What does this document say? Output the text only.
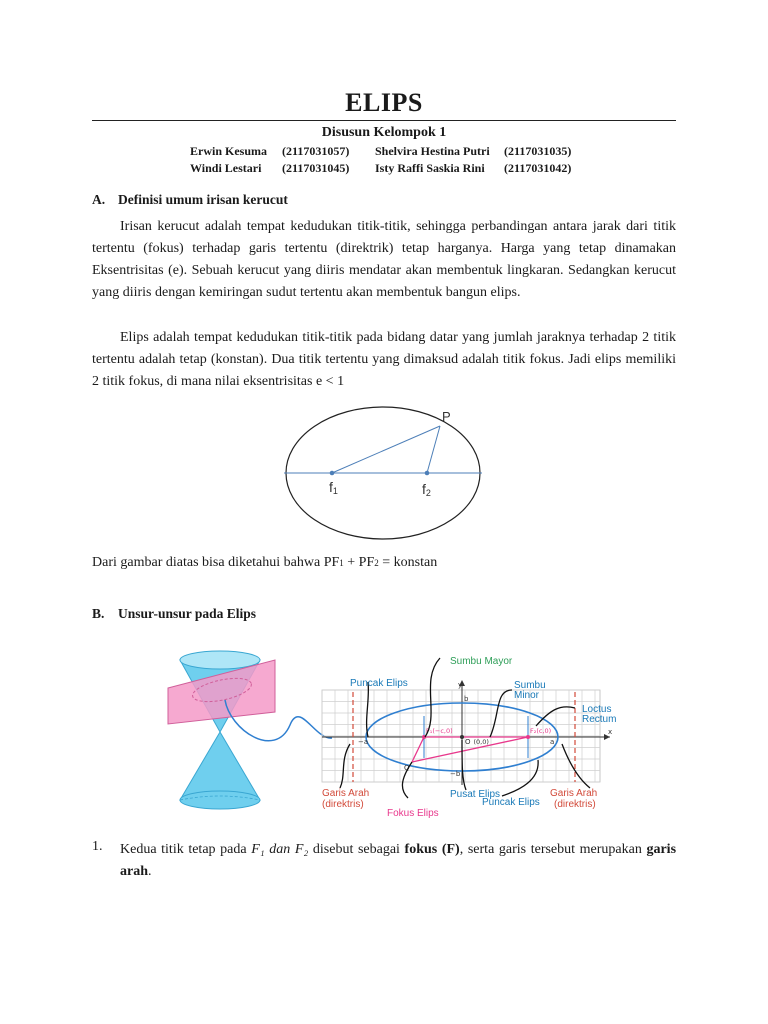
ELIPS
Disusun Kelompok 1
Erwin Kesuma (2117031057) Shelvira Hestina Putri (2117031035)
Windi Lestari (2117031045) Isty Raffi Saskia Rini (2117031042)
A. Definisi umum irisan kerucut

Irisan kerucut adalah tempat kedudukan titik-titik, sehingga perbandingan antara jarak dari titik tertentu (fokus) terhadap garis tertentu (direktrik) tetap harganya. Harga yang tetap dinamakan Eksentrisitas (e). Sebuah kerucut yang diiris mendatar akan membentuk lingkaran. Sedangkan kerucut yang diiris dengan kemiringan sudut tertentu akan membentuk bangun elips.

Elips adalah tempat kedudukan titik-titik pada bidang datar yang jumlah jaraknya terhadap 2 titik tertentu adalah tetap (konstan). Dua titik tertentu yang dimaksud adalah titik fokus. Jadi elips memiliki 2 titik fokus, di mana nilai eksentrisitas e < 1

P
f1	f2
Dari gambar diatas bisa diketahui bahwa PF1 + PF2 = konstan
B. Unsur-unsur pada Elips
y
x
b
−b
a
−a
F₁(−c,0)	F₂(c,0)
O (0,0)
Q
Sumbu Mayor
Puncak Elips	Sumbu
Minor
Loctus
Rectum
Garis Arah
(direktris)
Garis Arah
(direktris)
Fokus Elips
Pusat Elips
Puncak Elips
1. Kedua titik tetap pada F₁ dan F₂ disebut sebagai fokus (F), serta garis tersebut merupakan garis arah.
